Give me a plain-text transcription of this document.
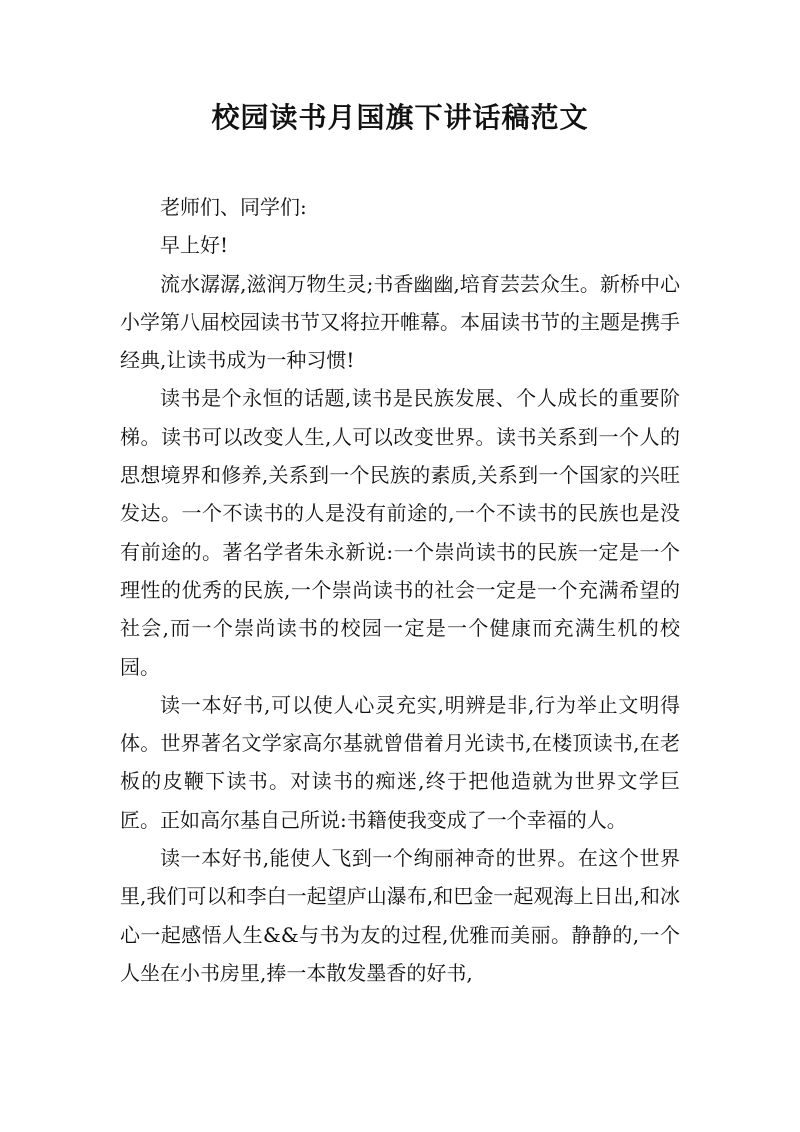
校园读书月国旗下讲话稿范文

老师们、同学们:

早上好!

流水潺潺,滋润万物生灵;书香幽幽,培育芸芸众生。新桥中心小学第八届校园读书节又将拉开帷幕。本届读书节的主题是携手经典,让读书成为一种习惯!

读书是个永恒的话题,读书是民族发展、个人成长的重要阶梯。读书可以改变人生,人可以改变世界。读书关系到一个人的思想境界和修养,关系到一个民族的素质,关系到一个国家的兴旺发达。一个不读书的人是没有前途的,一个不读书的民族也是没有前途的。著名学者朱永新说:一个崇尚读书的民族一定是一个理性的优秀的民族,一个崇尚读书的社会一定是一个充满希望的社会,而一个崇尚读书的校园一定是一个健康而充满生机的校园。

读一本好书,可以使人心灵充实,明辨是非,行为举止文明得体。世界著名文学家高尔基就曾借着月光读书,在楼顶读书,在老板的皮鞭下读书。对读书的痴迷,终于把他造就为世界文学巨匠。正如高尔基自己所说:书籍使我变成了一个幸福的人。

读一本好书,能使人飞到一个绚丽神奇的世界。在这个世界里,我们可以和李白一起望庐山瀑布,和巴金一起观海上日出,和冰心一起感悟人生&&与书为友的过程,优雅而美丽。静静的,一个人坐在小书房里,捧一本散发墨香的好书,
